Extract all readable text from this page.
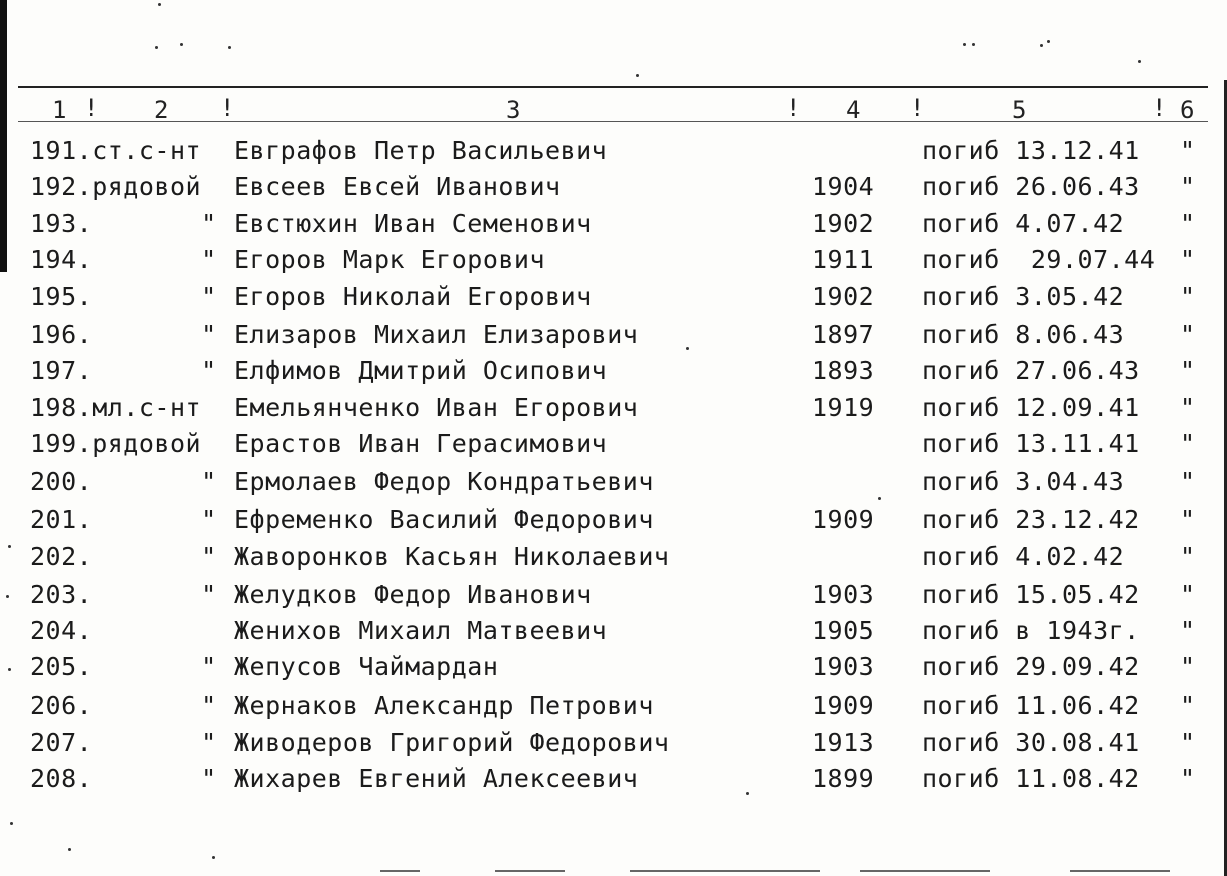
1 ! 2 !	3	! 4 !	5	! 6
191.ст.с-нт Евграфов Петр Васильевич	погиб 13.12.41 "
192.рядовой Евсеев Евсей Иванович	1904 погиб 26.06.43 "
193.       " Евстюхин Иван Семенович	1902 погиб 4.07.42 "
194.       " Егоров Марк Егорович	1911 погиб  29.07.44 "
195.       " Егоров Николай Егорович	1902 погиб 3.05.42 "
196.       " Елизаров Михаил Елизарович	1897 погиб 8.06.43 "
197.       " Елфимов Дмитрий Осипович	1893 погиб 27.06.43 "
198.мл.с-нт Емельянченко Иван Егорович	1919 погиб 12.09.41 "
199.рядовой Ерастов Иван Герасимович	погиб 13.11.41 "
200.       " Ермолаев Федор Кондратьевич	погиб 3.04.43 "
201.       " Ефременко Василий Федорович	1909 погиб 23.12.42 "
202.       " Жаворонков Касьян Николаевич	погиб 4.02.42 "
203.       " Желудков Федор Иванович	1903 погиб 15.05.42 "
204.	Женихов Михаил Матвеевич	1905 погиб в 1943г. "
205.       " Жепусов Чаймардан	1903 погиб 29.09.42 "
206.       " Жернаков Александр Петрович	1909 погиб 11.06.42 "
207.       " Живодеров Григорий Федорович	1913 погиб 30.08.41 "
208.       " Жихарев Евгений Алексеевич	1899 погиб 11.08.42 "
